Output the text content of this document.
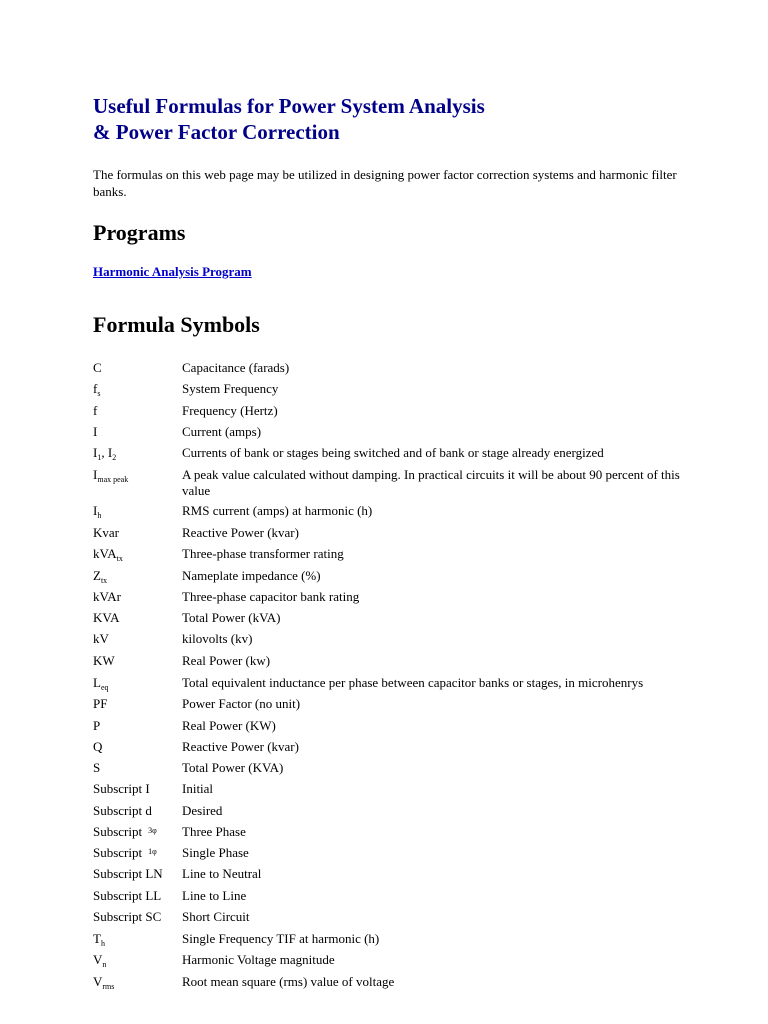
Useful Formulas for Power System Analysis
& Power Factor Correction

The formulas on this web page may be utilized in designing power factor correction systems and harmonic filter banks.

Programs
Harmonic Analysis Program
Formula Symbols
C	Capacitance (farads)
$f_s$	System Frequency
f	Frequency (Hertz)
I	Current (amps)
$I_1$, $I_2$	Currents of bank or stages being switched and of bank or stage already energized
$I_{max peak}$	A peak value calculated without damping. In practical circuits it will be about 90 percent of this value
$I_h$	RMS current (amps) at harmonic (h)
Kvar	Reactive Power (kvar)
kVA$_{tx}$	Three-phase transformer rating
$Z_{tx}$	Nameplate impedance (%)
kVAr	Three-phase capacitor bank rating
KVA	Total Power (kVA)
kV	kilovolts (kv)
KW	Real Power (kw)
$L_{eq}$	Total equivalent inductance per phase between capacitor banks or stages, in microhenrys
PF	Power Factor (no unit)
P	Real Power (KW)
Q	Reactive Power (kvar)
S	Total Power (KVA)
Subscript I	Initial
Subscript d	Desired
Subscript $^{3\varphi}$	Three Phase
Subscript $^{1\varphi}$	Single Phase
Subscript LN	Line to Neutral
Subscript LL	Line to Line
Subscript SC	Short Circuit
$T_h$	Single Frequency TIF at harmonic (h)
$V_n$	Harmonic Voltage magnitude
$V_{rms}$	Root mean square (rms) value of voltage
